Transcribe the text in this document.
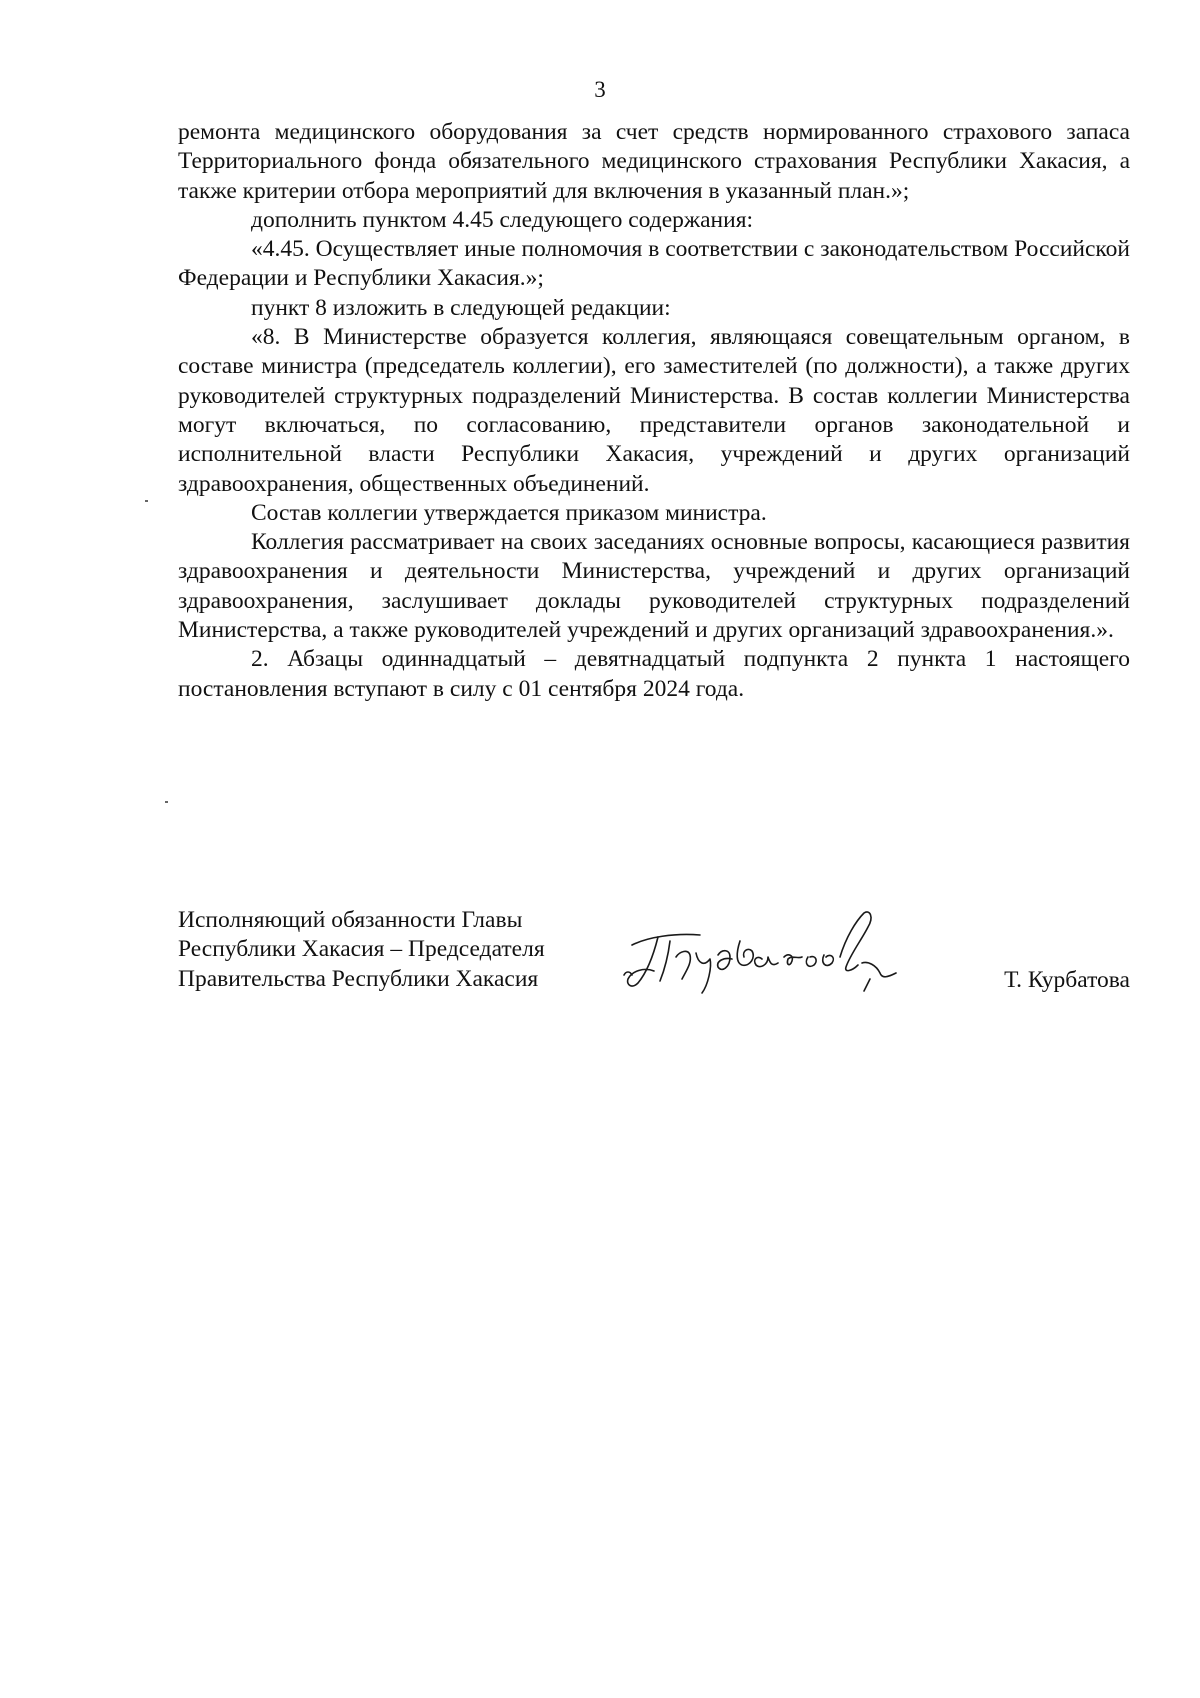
3

ремонта медицинского оборудования за счет средств нормированного страхового запаса Территориального фонда обязательного медицинского страхования Республики Хакасия, а также критерии отбора мероприятий для включения в указанный план.»;

дополнить пунктом 4.45 следующего содержания:

«4.45. Осуществляет иные полномочия в соответствии с законодательством Российской Федерации и Республики Хакасия.»;

пункт 8 изложить в следующей редакции:

«8. В Министерстве образуется коллегия, являющаяся совещательным органом, в составе министра (председатель коллегии), его заместителей (по должности), а также других руководителей структурных подразделений Министерства. В состав коллегии Министерства могут включаться, по согласованию, представители органов законодательной и исполнительной власти Республики Хакасия, учреждений и других организаций здравоохранения, общественных объединений.

Состав коллегии утверждается приказом министра.

Коллегия рассматривает на своих заседаниях основные вопросы, касающиеся развития здравоохранения и деятельности Министерства, учреждений и других организаций здравоохранения, заслушивает доклады руководителей структурных подразделений Министерства, а также руководителей учреждений и других организаций здравоохранения.».

2. Абзацы одиннадцатый – девятнадцатый подпункта 2 пункта 1 настоящего постановления вступают в силу с 01 сентября 2024 года.

Исполняющий обязанности Главы
Республики Хакасия – Председателя
Правительства Республики Хакасия	Т. Курбатова
